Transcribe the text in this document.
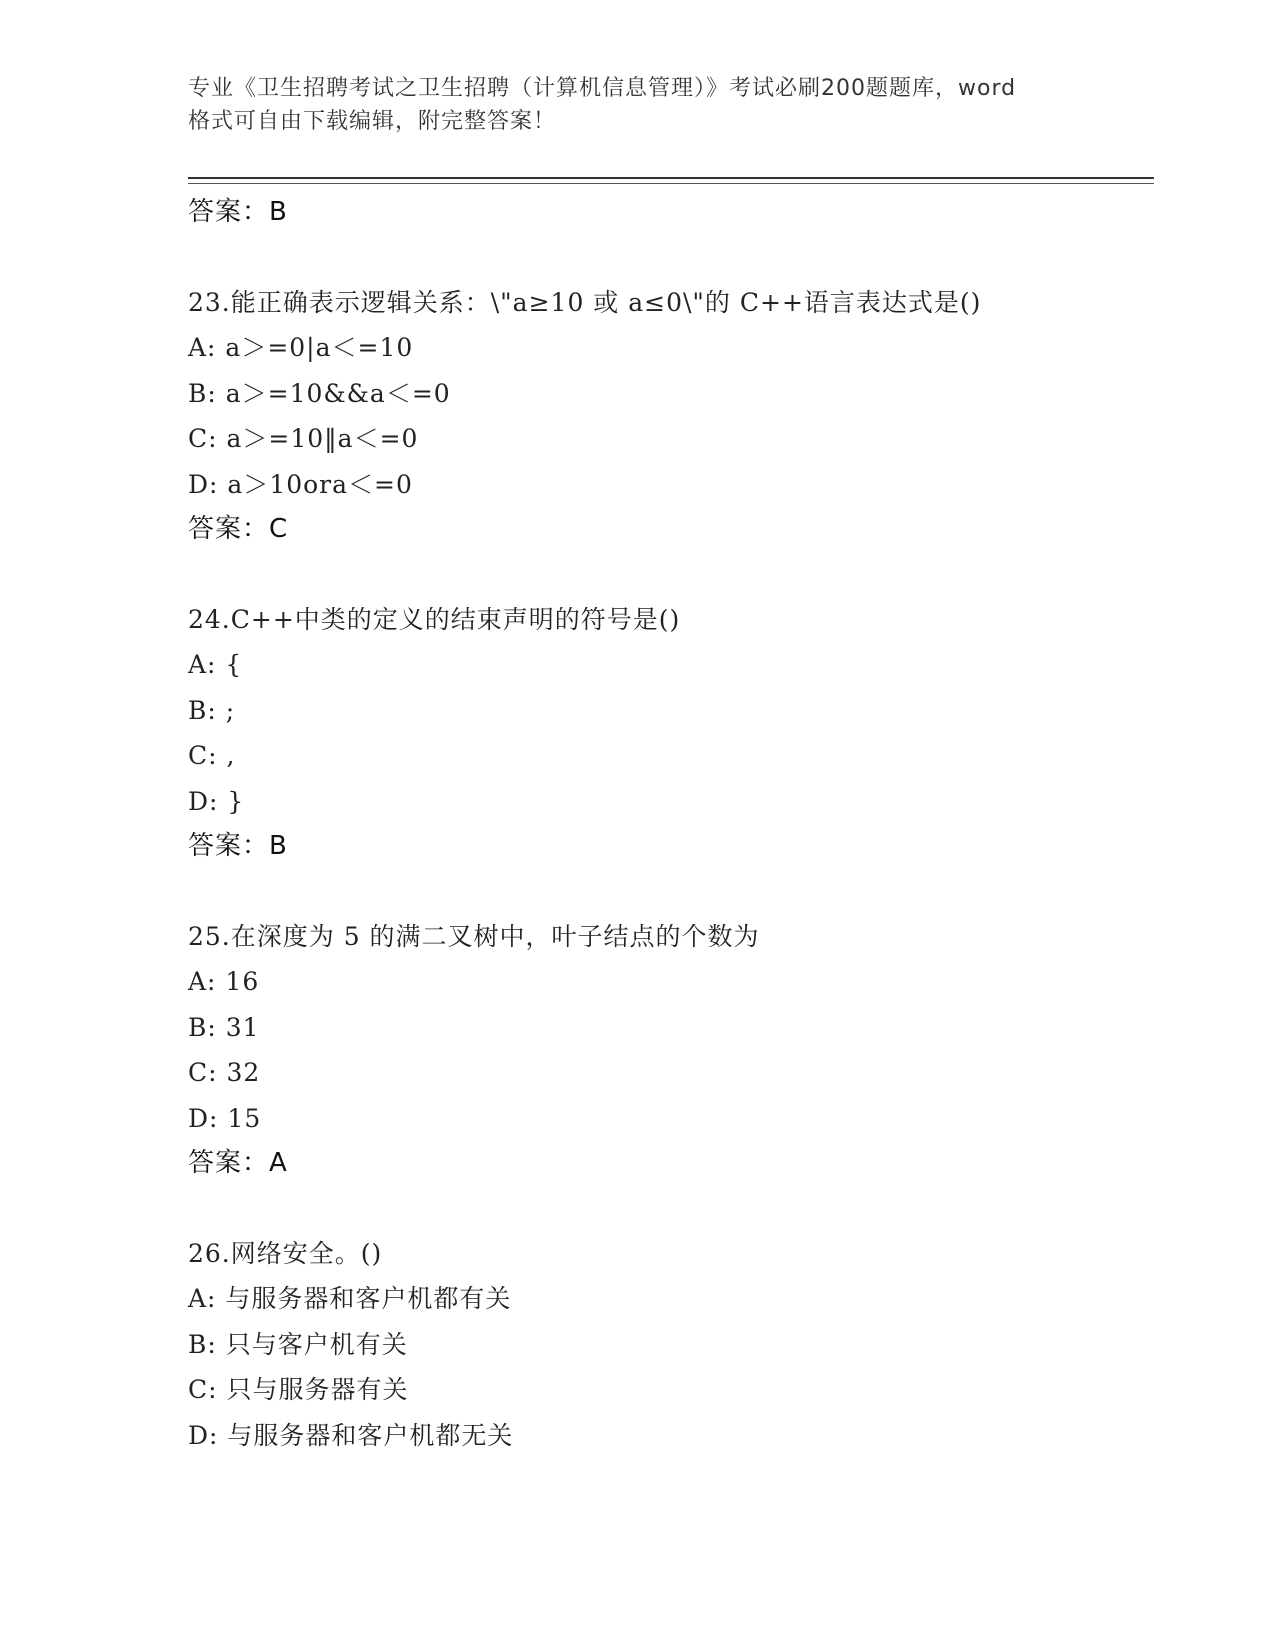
专业《卫生招聘考试之卫生招聘（计算机信息管理）》考试必刷200题题库，word
格式可自由下载编辑，附完整答案！
答案：B
23.能正确表示逻辑关系：\"a≥10 或 a≤0\"的 C++语言表达式是()
A: a＞=0|a＜=10
B: a＞=10&&a＜=0
C: a＞=10‖a＜=0
D: a＞10ora＜=0
答案：C
24.C++中类的定义的结束声明的符号是()
A: {
B: ;
C: ,
D: }
答案：B
25.在深度为 5 的满二叉树中，叶子结点的个数为
A: 16
B: 31
C: 32
D: 15
答案：A
26.网络安全。()
A: 与服务器和客户机都有关
B: 只与客户机有关
C: 只与服务器有关
D: 与服务器和客户机都无关
